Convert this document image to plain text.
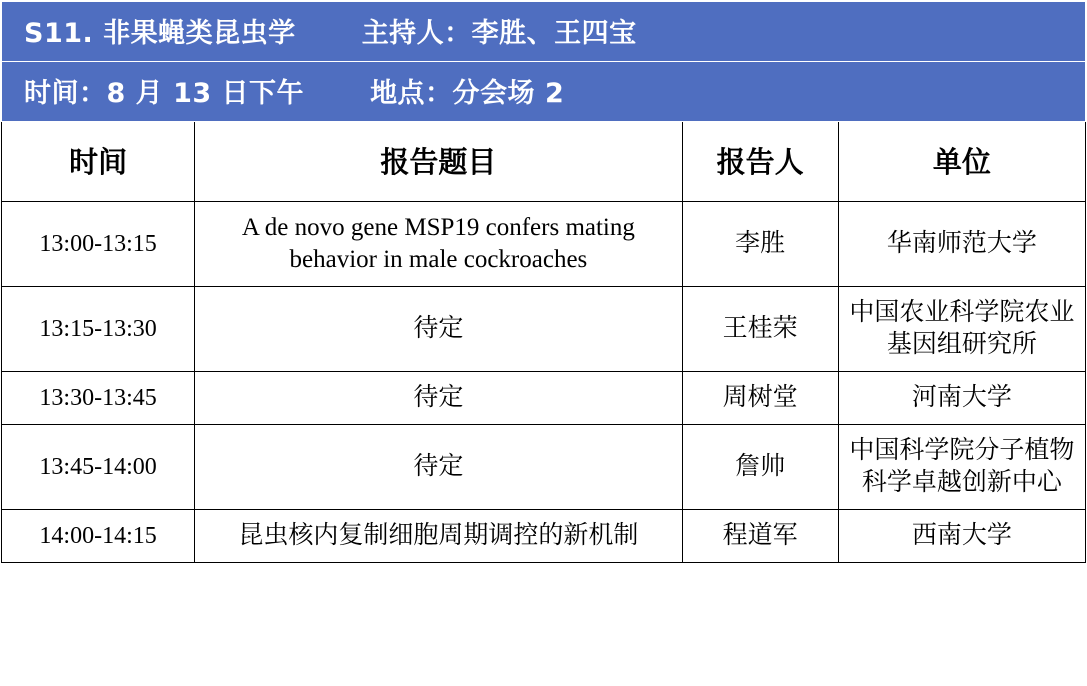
S11. 非果蝇类昆虫学 主持人：李胜、王四宝			
时间：8 月 13 日下午 地点：分会场 2			
时间	报告题目	报告人	单位
13:00-13:15	A de novo gene MSP19 confers mating behavior in male cockroaches	李胜	华南师范大学
13:15-13:30	待定	王桂荣	中国农业科学院农业基因组研究所
13:30-13:45	待定	周树堂	河南大学
13:45-14:00	待定	詹帅	中国科学院分子植物科学卓越创新中心
14:00-14:15	昆虫核内复制细胞周期调控的新机制	程道军	西南大学
